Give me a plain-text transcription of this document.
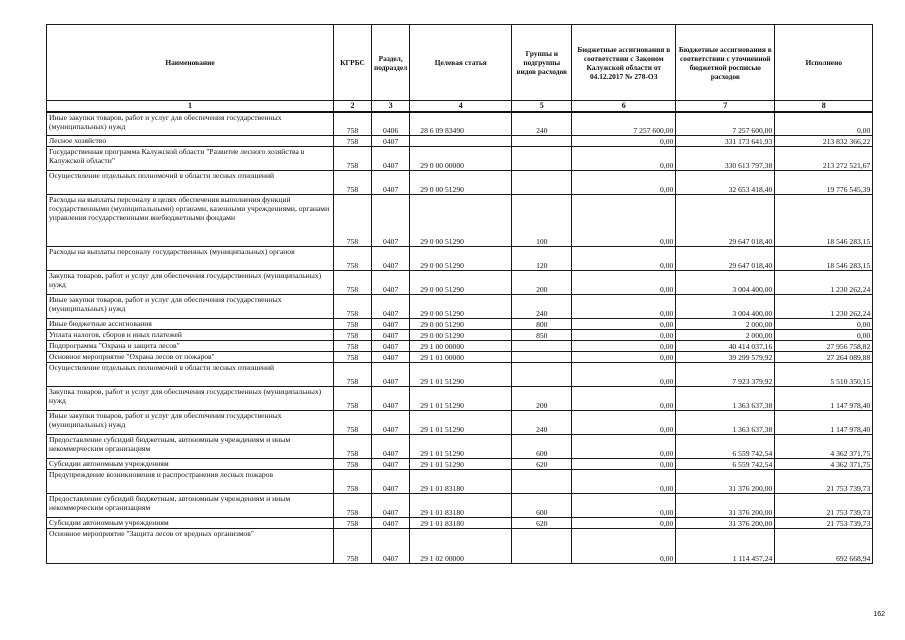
Наименование	КГРБС	Раздел, подраздел	Целевая статья	Группы и подгруппы видов расходов	Бюджетные ассигнования в соответствии с Законом Калужской области от 04.12.2017 № 278-ОЗ	Бюджетные ассигнования в соответствии с уточненной бюджетной росписью расходов	Исполнено
1	2	3	4	5	6	7	8
Иные закупки товаров, работ и услуг для обеспечения государственных (муниципальных) нужд	758	0406	28 6 09 83490	240	7 257 600,00	7 257 600,00	0,00
Лесное хозяйство	758	0407			0,00	331 173 641,93	213 832 366,22
Государственная программа Калужской области "Развитие лесного хозяйства в Калужской области"	758	0407	29 0 00 00000		0,00	330 613 797,38	213 272 521,67
Осуществление отдельных полномочий в области лесных отношений	758	0407	29 0 00 51290		0,00	32 653 418,40	19 776 545,39
Расходы на выплаты персоналу в целях обеспечения выполнения функций государственными (муниципальными) органами, казенными учреждениями, органами управления государственными внебюджетными фондами	758	0407	29 0 00 51290	100	0,00	29 647 018,40	18 546 283,15
Расходы на выплаты персоналу государственных (муниципальных) органов	758	0407	29 0 00 51290	120	0,00	29 647 018,40	18 546 283,15
Закупка товаров, работ и услуг для обеспечения государственных (муниципальных) нужд	758	0407	29 0 00 51290	200	0,00	3 004 400,00	1 230 262,24
Иные закупки товаров, работ и услуг для обеспечения государственных (муниципальных) нужд	758	0407	29 0 00 51290	240	0,00	3 004 400,00	1 230 262,24
Иные бюджетные ассигнования	758	0407	29 0 00 51290	800	0,00	2 000,00	0,00
Уплата налогов, сборов и иных платежей	758	0407	29 0 00 51290	850	0,00	2 000,00	0,00
Подпрограмма "Охрана и защита лесов"	758	0407	29 1 00 00000		0,00	40 414 037,16	27 956 758,82
Основное мероприятие "Охрана лесов от пожаров"	758	0407	29 1 01 00000		0,00	39 299 579,92	27 264 089,88
Осуществление отдельных полномочий в области лесных отношений	758	0407	29 1 01 51290		0,00	7 923 379,92	5 510 350,15
Закупка товаров, работ и услуг для обеспечения государственных (муниципальных) нужд	758	0407	29 1 01 51290	200	0,00	1 363 637,38	1 147 978,40
Иные закупки товаров, работ и услуг для обеспечения государственных (муниципальных) нужд	758	0407	29 1 01 51290	240	0,00	1 363 637,38	1 147 978,40
Предоставление субсидий бюджетным, автономным учреждениям и иным некоммерческим организациям	758	0407	29 1 01 51290	600	0,00	6 559 742,54	4 362 371,75
Субсидии автономным учреждениям	758	0407	29 1 01 51290	620	0,00	6 559 742,54	4 362 371,75
Предупреждение возникновения и распространения лесных пожаров	758	0407	29 1 01 83180		0,00	31 376 200,00	21 753 739,73
Предоставление субсидий бюджетным, автономным учреждениям и иным некоммерческим организациям	758	0407	29 1 01 83180	600	0,00	31 376 200,00	21 753 739,73
Субсидии автономным учреждениям	758	0407	29 1 01 83180	620	0,00	31 376 200,00	21 753 739,73
Основное мероприятие "Защита лесов от вредных организмов"	758	0407	29 1 02 00000		0,00	1 114 457,24	692 668,94
162
